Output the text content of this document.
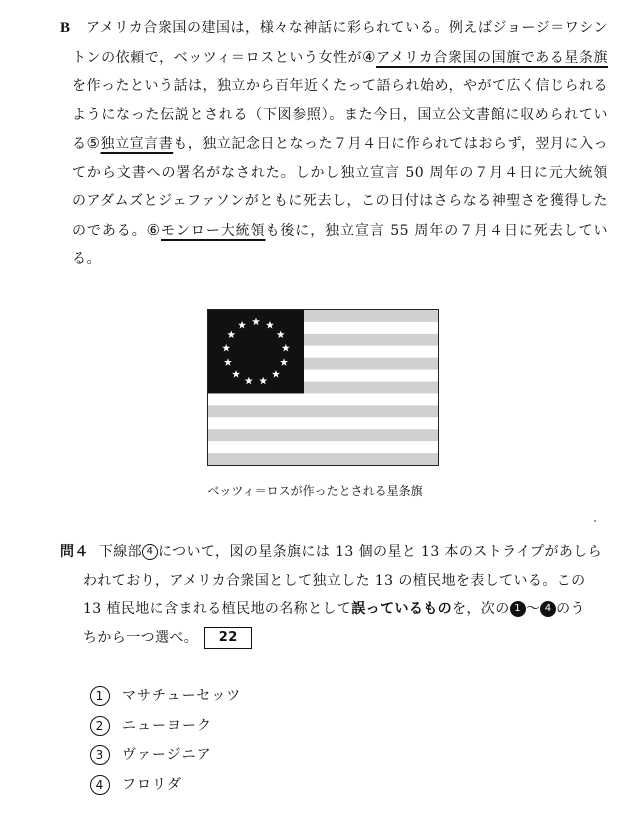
B アメリカ合衆国の建国は，様々な神話に彩られている。例えばジョージ＝ワシントンの依頼で，ベッツィ＝ロスという女性が④アメリカ合衆国の国旗である星条旗を作ったという話は，独立から百年近くたって語られ始め，やがて広く信じられるようになった伝説とされる（下図参照）。また今日，国立公文書館に収められている⑤独立宣言書も，独立記念日となった７月４日に作られてはおらず，翌月に入ってから文書への署名がなされた。しかし独立宣言 50 周年の７月４日に元大統領のアダムズとジェファソンがともに死去し，この日付はさらなる神聖さを獲得したのである。⑥モンロー大統領も後に，独立宣言 55 周年の７月４日に死去している。
ベッツィ＝ロスが作ったとされる星条旗
問４ 下線部 4 について，図の星条旗には 13 個の星と 13 本のストライプがあしら
われており，アメリカ合衆国として独立した 13 の植民地を表している。この
13 植民地に含まれる植民地の名称として誤っているものを，次の 1 ～ 4 のう
ちから一つ選べ。 22
1 マサチューセッツ
2 ニューヨーク
3 ヴァージニア
4 フロリダ
